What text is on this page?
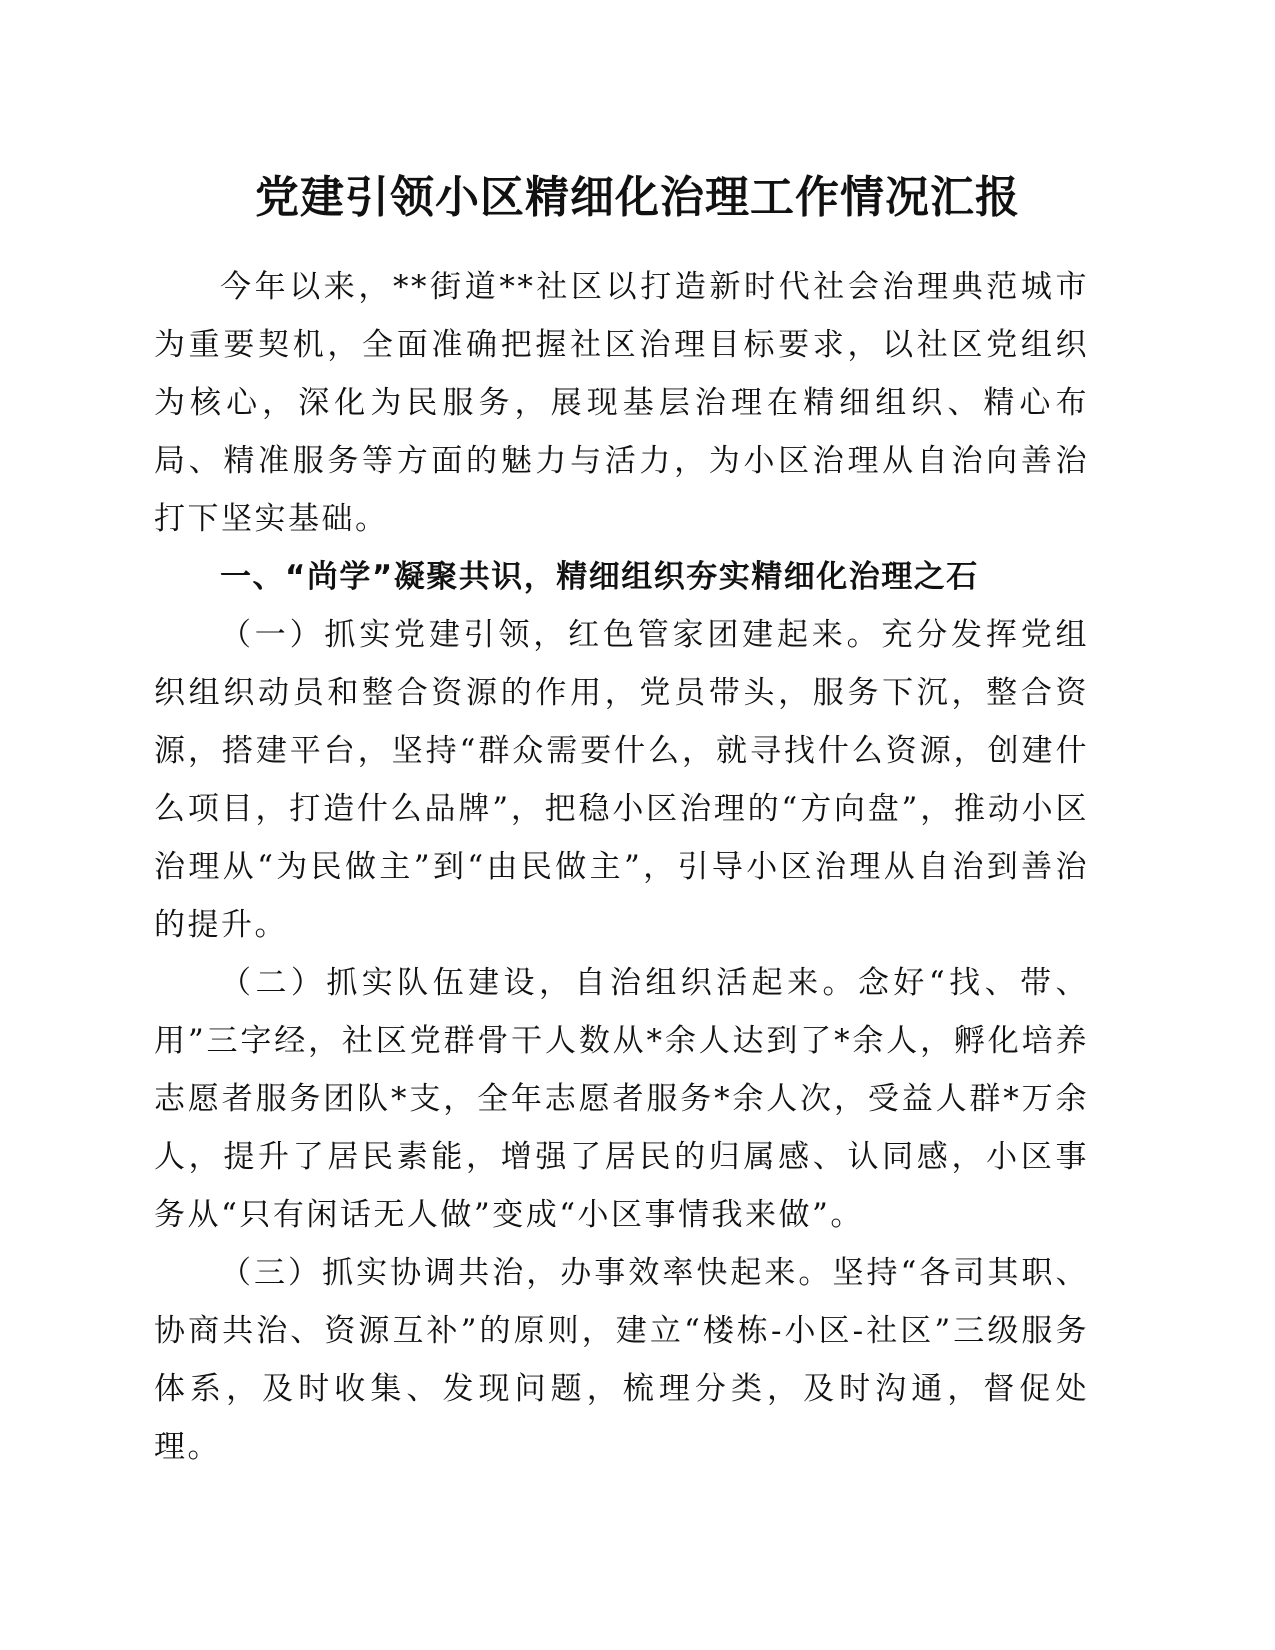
党建引领小区精细化治理工作情况汇报

今年以来，**街道**社区以打造新时代社会治理典范城市为重要契机，全面准确把握社区治理目标要求，以社区党组织为核心，深化为民服务，展现基层治理在精细组织、精心布局、精准服务等方面的魅力与活力，为小区治理从自治向善治打下坚实基础。

一、“尚学”凝聚共识，精细组织夯实精细化治理之石

（一）抓实党建引领，红色管家团建起来。充分发挥党组织组织动员和整合资源的作用，党员带头，服务下沉，整合资源，搭建平台，坚持“群众需要什么，就寻找什么资源，创建什么项目，打造什么品牌”，把稳小区治理的“方向盘”，推动小区治理从“为民做主”到“由民做主”，引导小区治理从自治到善治的提升。

（二）抓实队伍建设，自治组织活起来。念好“找、带、用”三字经，社区党群骨干人数从*余人达到了*余人，孵化培养志愿者服务团队*支，全年志愿者服务*余人次，受益人群*万余人，提升了居民素能，增强了居民的归属感、认同感，小区事务从“只有闲话无人做”变成“小区事情我来做”。

（三）抓实协调共治，办事效率快起来。坚持“各司其职、协商共治、资源互补”的原则，建立“楼栋-小区-社区”三级服务体系，及时收集、发现问题，梳理分类，及时沟通，督促处理。
